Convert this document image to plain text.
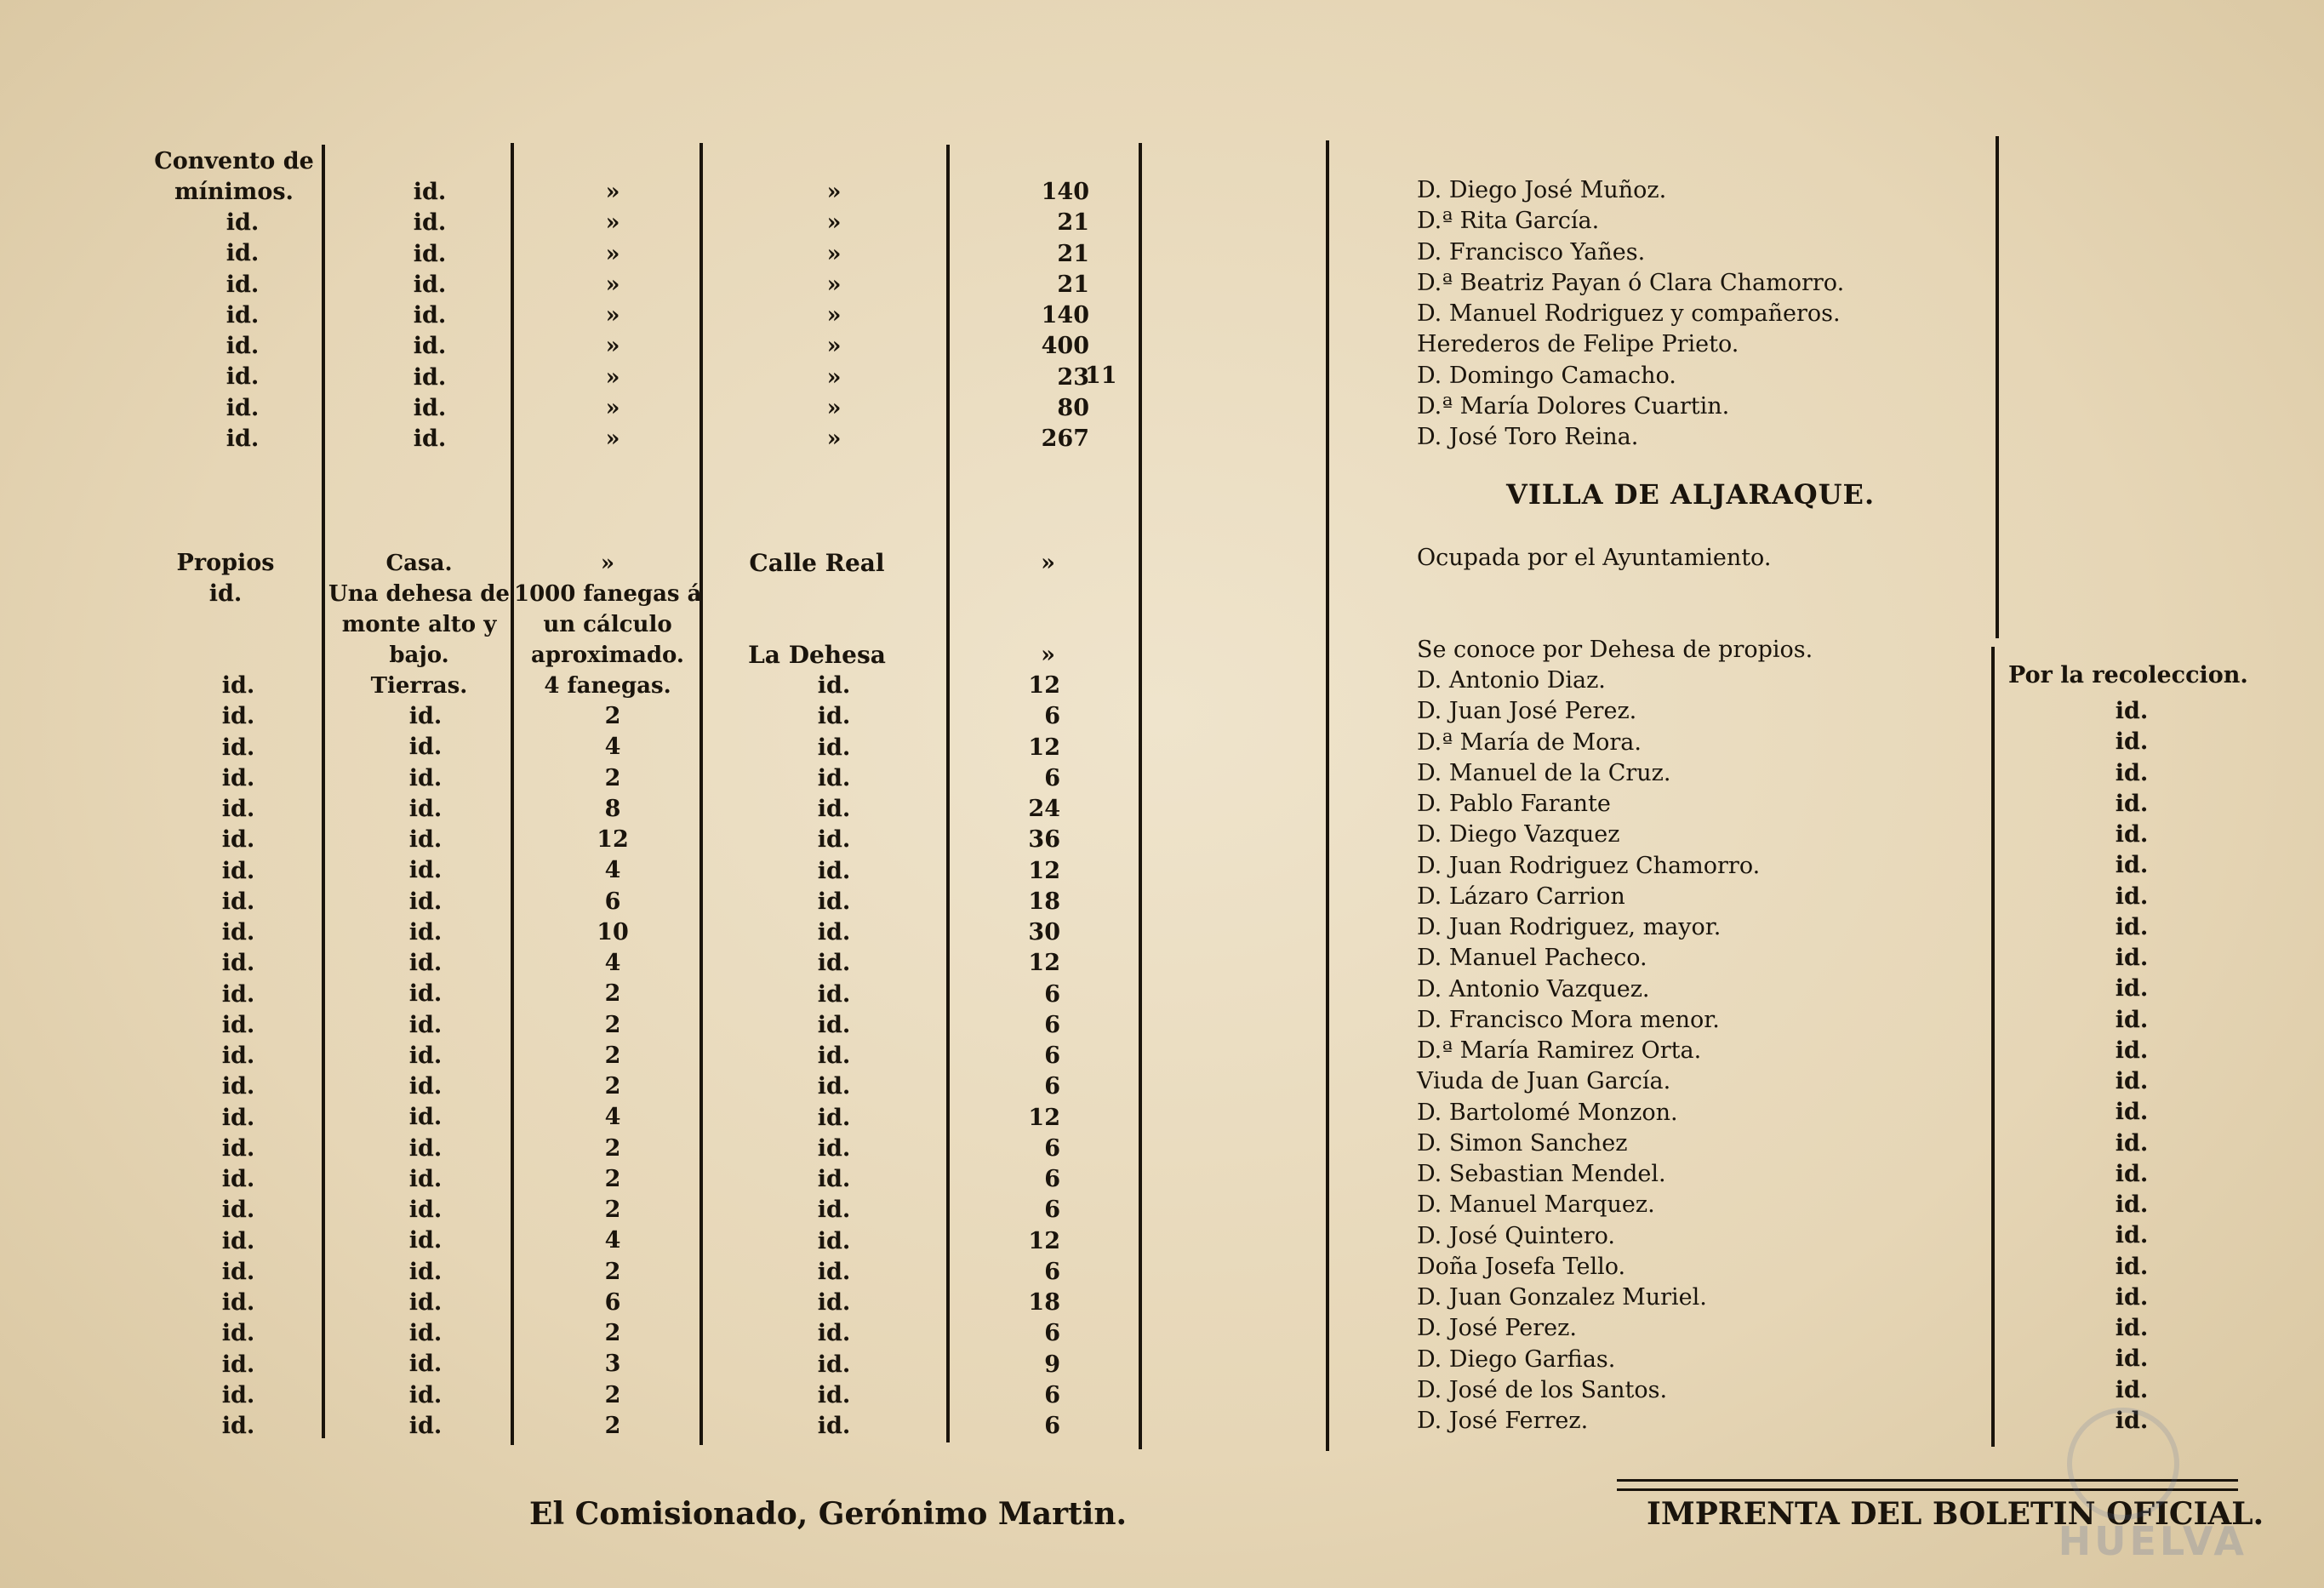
Convento de
mínimos.
id.
id.
id.
id.
id.
id.
id.
id.
id.
id.
id.
id.
id.
id.
id.
id.
id.
»
»
»
»
»
»
»
»
»
»
»
»
»
»
»
»
»
»
140
21
21
21
140
400
23
80
267
11
Propios
id.
Casa.
Una dehesa de
monte alto y
bajo.
Tierras.
»
1000 fanegas á
un cálculo
aproximado.
4 fanegas.
Calle Real
La Dehesa
»
»
id.
id.
id.
id.
id.
id.
id.
id.
id.
id.
id.
id.
id.
id.
id.
id.
id.
id.
id.
id.
id.
id.
id.
id.
id.
id.
id.
id.
id.
id.
id.
id.
id.
id.
id.
id.
id.
id.
id.
id.
id.
id.
id.
id.
id.
id.
id.
id.
id.
2
4
2
8
12
4
6
10
4
2
2
2
2
4
2
2
2
4
2
6
2
3
2
2
id.
id.
id.
id.
id.
id.
id.
id.
id.
id.
id.
id.
id.
id.
id.
id.
id.
id.
id.
id.
id.
id.
id.
id.
id.
12
6
12
6
24
36
12
18
30
12
6
6
6
6
12
6
6
6
12
6
18
6
9
6
6
D. Diego José Muñoz.
D.ª Rita García.
D. Francisco Yañes.
D.ª Beatriz Payan ó Clara Chamorro.
D. Manuel Rodriguez y compañeros.
Herederos de Felipe Prieto.
D. Domingo Camacho.
D.ª María Dolores Cuartin.
D. José Toro Reina.
VILLA DE ALJARAQUE.
Ocupada por el Ayuntamiento.
Se conoce por Dehesa de propios.
Por la recoleccion.
D. Antonio Diaz.
D. Juan José Perez.
D.ª María de Mora.
D. Manuel de la Cruz.
D. Pablo Farante
D. Diego Vazquez
D. Juan Rodriguez Chamorro.
D. Lázaro Carrion
D. Juan Rodriguez, mayor.
D. Manuel Pacheco.
D. Antonio Vazquez.
D. Francisco Mora menor.
D.ª María Ramirez Orta.
Viuda de Juan García.
D. Bartolomé Monzon.
D. Simon Sanchez
D. Sebastian Mendel.
D. Manuel Marquez.
D. José Quintero.
Doña Josefa Tello.
D. Juan Gonzalez Muriel.
D. José Perez.
D. Diego Garfias.
D. José de los Santos.
D. José Ferrez.
id.
id.
id.
id.
id.
id.
id.
id.
id.
id.
id.
id.
id.
id.
id.
id.
id.
id.
id.
id.
id.
id.
id.
id.
El Comisionado, Gerónimo Martin.	IMPRENTA DEL BOLETIN OFICIAL.
HUELVA
